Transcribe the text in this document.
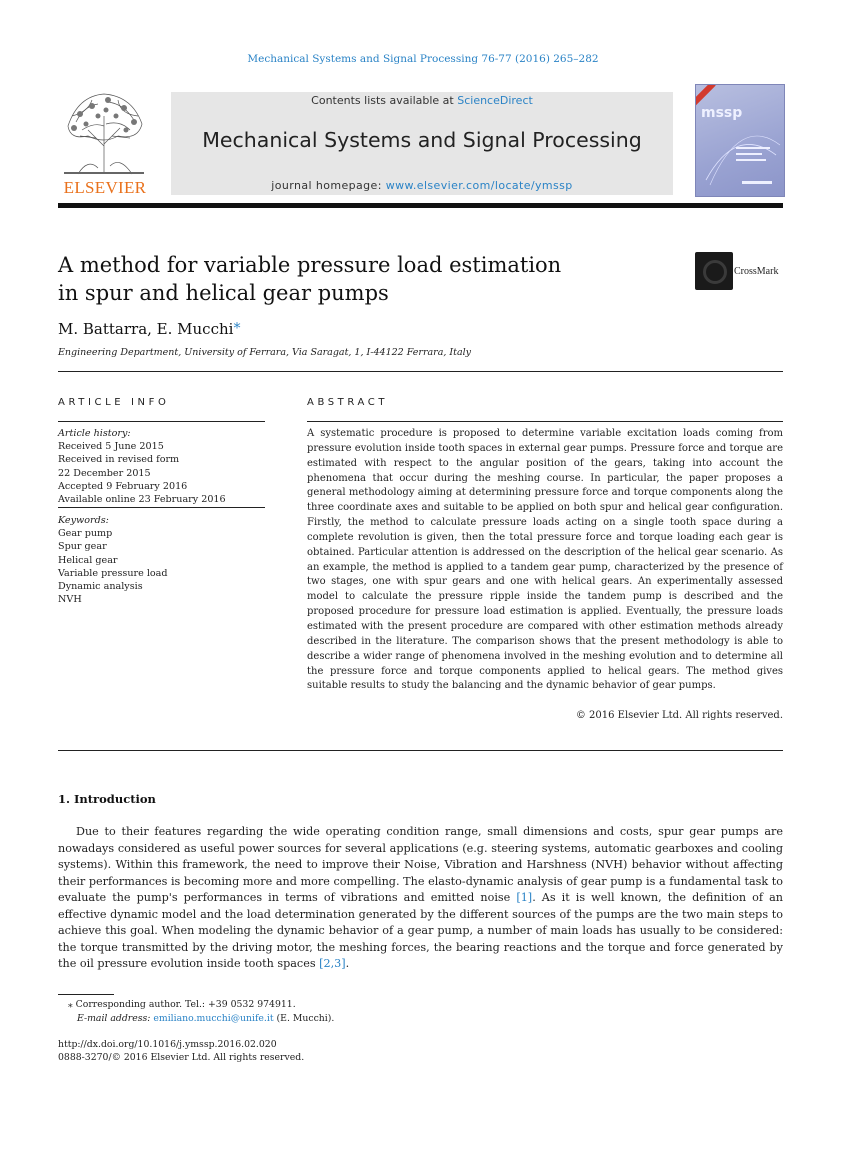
Mechanical Systems and Signal Processing 76-77 (2016) 265–282
ELSEVIER
Contents lists available at ScienceDirect
Mechanical Systems and Signal Processing
journal homepage: www.elsevier.com/locate/ymssp
mssp
A method for variable pressure load estimation
in spur and helical gear pumps
CrossMark
M. Battarra, E. Mucchi⁎
Engineering Department, University of Ferrara, Via Saragat, 1, I-44122 Ferrara, Italy
ARTICLE INFO
Article history:
Received 5 June 2015
Received in revised form
22 December 2015
Accepted 9 February 2016
Available online 23 February 2016
Keywords:
Gear pump
Spur gear
Helical gear
Variable pressure load
Dynamic analysis
NVH
ABSTRACT
A systematic procedure is proposed to determine variable excitation loads coming from pressure evolution inside tooth spaces in external gear pumps. Pressure force and torque are estimated with respect to the angular position of the gears, taking into account the phenomena that occur during the meshing course. In particular, the paper proposes a general methodology aiming at determining pressure force and torque components along the three coordinate axes and suitable to be applied on both spur and helical gear configuration. Firstly, the method to calculate pressure loads acting on a single tooth space during a complete revolution is given, then the total pressure force and torque loading each gear is obtained. Particular attention is addressed on the description of the helical gear scenario. As an example, the method is applied to a tandem gear pump, characterized by the presence of two stages, one with spur gears and one with helical gears. An experimentally assessed model to calculate the pressure ripple inside the tandem pump is described and the proposed procedure for pressure load estimation is applied. Eventually, the pressure loads estimated with the present procedure are compared with other estimation methods already described in the literature. The comparison shows that the present methodology is able to describe a wider range of phenomena involved in the meshing evolution and to determine all the pressure force and torque components applied to helical gears. The method gives suitable results to study the balancing and the dynamic behavior of gear pumps.
© 2016 Elsevier Ltd. All rights reserved.
1. Introduction
Due to their features regarding the wide operating condition range, small dimensions and costs, spur gear pumps are nowadays considered as useful power sources for several applications (e.g. steering systems, automatic gearboxes and cooling systems). Within this framework, the need to improve their Noise, Vibration and Harshness (NVH) behavior without affecting their performances is becoming more and more compelling. The elasto-dynamic analysis of gear pump is a fundamental task to evaluate the pump's performances in terms of vibrations and emitted noise [1]. As it is well known, the definition of an effective dynamic model and the load determination generated by the different sources of the pumps are the two main steps to achieve this goal. When modeling the dynamic behavior of a gear pump, a number of main loads has usually to be considered: the torque transmitted by the driving motor, the meshing forces, the bearing reactions and the torque and force generated by the oil pressure evolution inside tooth spaces [2,3].
⁎ Corresponding author. Tel.: +39 0532 974911.
E-mail address: emiliano.mucchi@unife.it (E. Mucchi).
http://dx.doi.org/10.1016/j.ymssp.2016.02.020
0888-3270/© 2016 Elsevier Ltd. All rights reserved.
